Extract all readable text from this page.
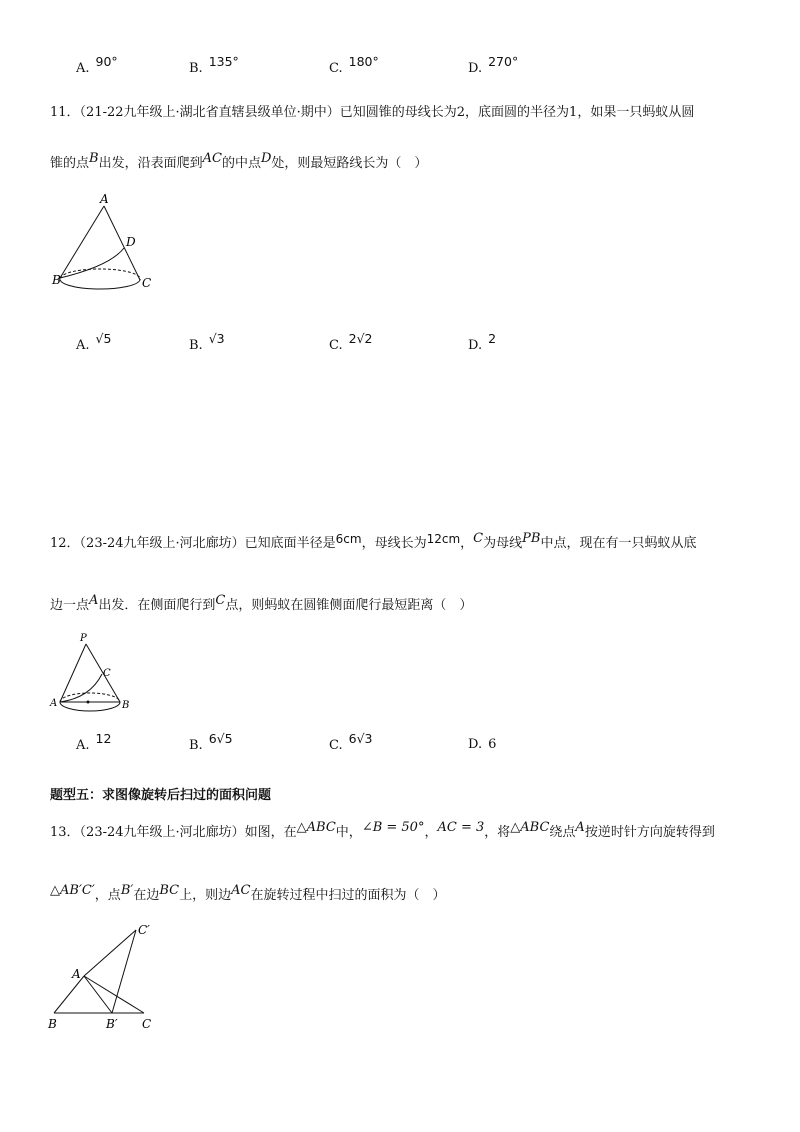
A. 90°	B. 135°	C. 180°	D. 270°
11．（21-22九年级上·湖北省直辖县级单位·期中）已知圆锥的母线长为2，底面圆的半径为1，如果一只蚂蚁从圆
锥的点B出发，沿表面爬到AC的中点D处，则最短路线长为（　）
A
D
B	C
A. √5	B. √3	C. 2√2	D. 2
12．（23-24九年级上·河北廊坊）已知底面半径是6cm，母线长为12cm，C为母线PB中点，现在有一只蚂蚁从底
边一点A出发．在侧面爬行到C点，则蚂蚁在圆锥侧面爬行最短距离（　）
P
C
A	B
A. 12	B. 6√5	C. 6√3	D. 6
题型五：求图像旋转后扫过的面积问题
13．（23-24九年级上·河北廊坊）如图，在△ABC中，∠B = 50°，AC = 3，将△ABC绕点A按逆时针方向旋转得到
△AB′C′，点B′在边BC上，则边AC在旋转过程中扫过的面积为（　）
C′
A
B	B′ C
